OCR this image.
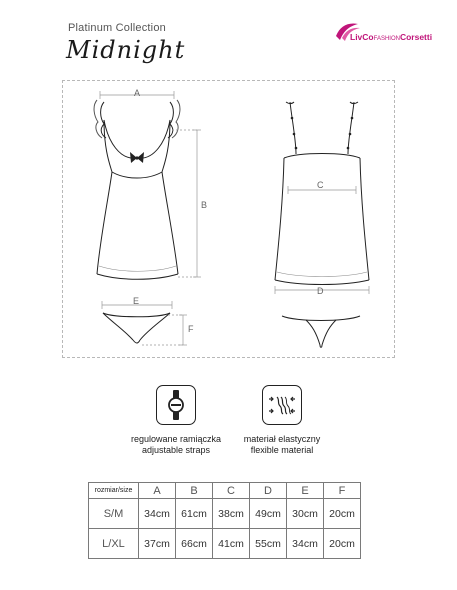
Platinum Collection
Midnight	LivCoFASHIONCorsetti
A
B
C
D
E
F
regulowane ramiączka
adjustable straps
materiał elastyczny
flexible material
rozmiar/size	A	B	C	D	E	F
S/M	34cm	61cm	38cm	49cm	30cm	20cm
L/XL	37cm	66cm	41cm	55cm	34cm	20cm
